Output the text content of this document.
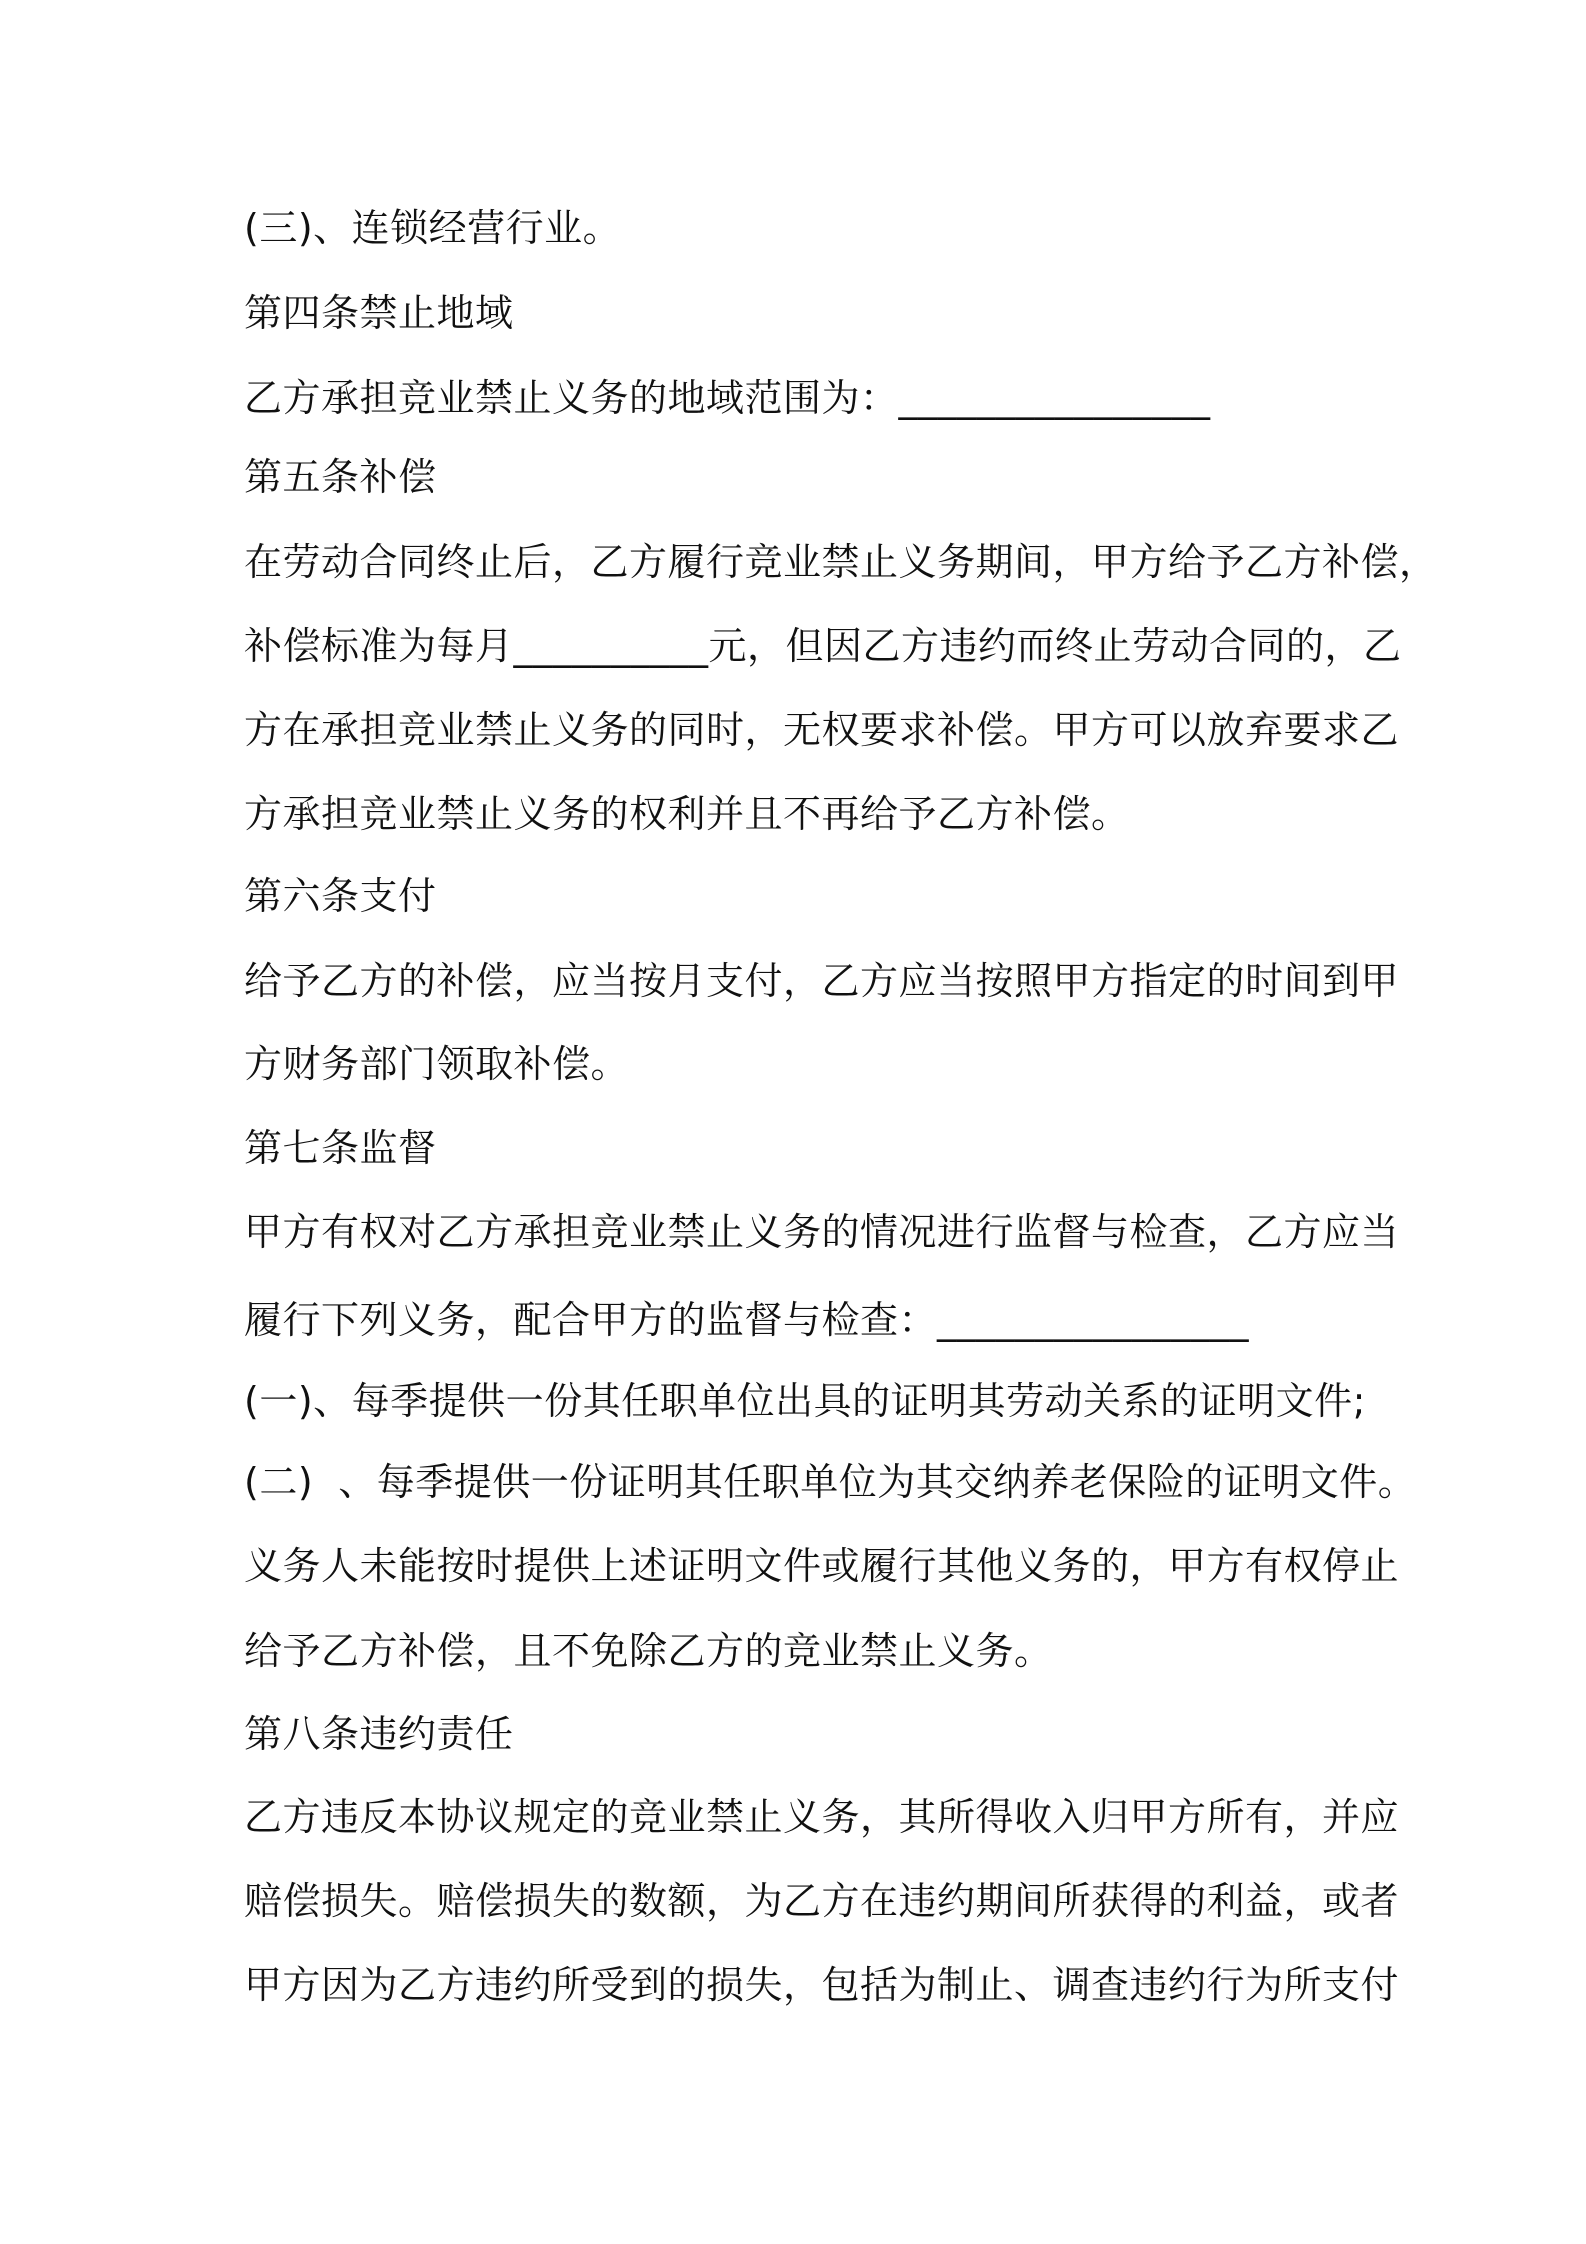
(三)、连锁经营行业。
第四条禁止地域
乙方承担竞业禁止义务的地域范围为：________________
第五条补偿
在劳动合同终止后，乙方履行竞业禁止义务期间，甲方给予乙方补偿，
补偿标准为每月__________元，但因乙方违约而终止劳动合同的，乙
方在承担竞业禁止义务的同时，无权要求补偿。甲方可以放弃要求乙
方承担竞业禁止义务的权利并且不再给予乙方补偿。
第六条支付
给予乙方的补偿，应当按月支付，乙方应当按照甲方指定的时间到甲
方财务部门领取补偿。
第七条监督
甲方有权对乙方承担竞业禁止义务的情况进行监督与检查，乙方应当
履行下列义务，配合甲方的监督与检查：________________
(一)、每季提供一份其任职单位出具的证明其劳动关系的证明文件;
(二)  、每季提供一份证明其任职单位为其交纳养老保险的证明文件。
义务人未能按时提供上述证明文件或履行其他义务的，甲方有权停止
给予乙方补偿，且不免除乙方的竞业禁止义务。
第八条违约责任
乙方违反本协议规定的竞业禁止义务，其所得收入归甲方所有，并应
赔偿损失。赔偿损失的数额，为乙方在违约期间所获得的利益，或者
甲方因为乙方违约所受到的损失，包括为制止、调查违约行为所支付
